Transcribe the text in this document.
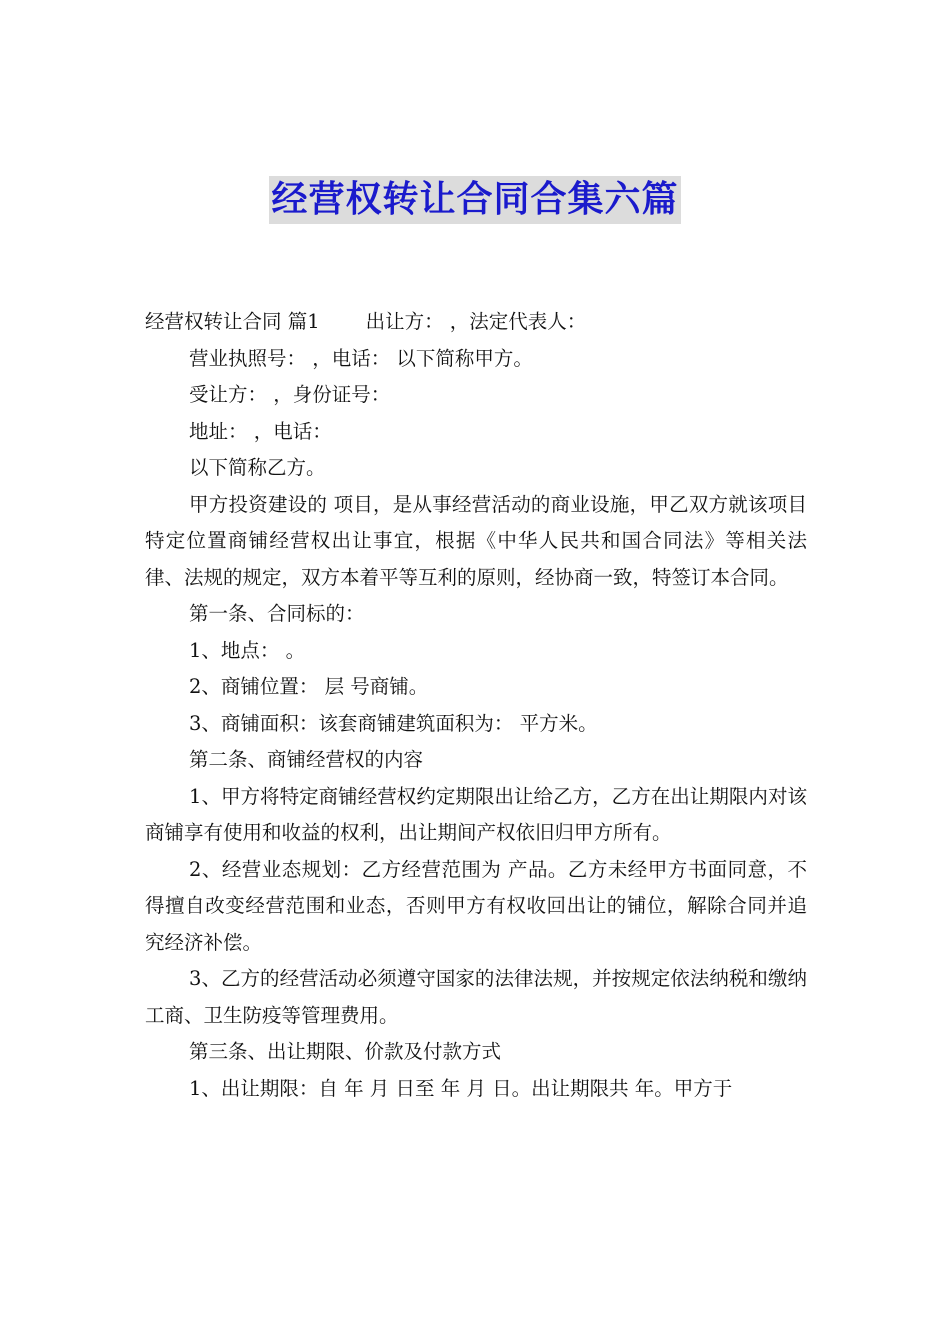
经营权转让合同合集六篇

经营权转让合同 篇1 出让方： ，法定代表人：

营业执照号： ，电话： 以下简称甲方。

受让方： ，身份证号：

地址： ，电话：

以下简称乙方。

甲方投资建设的 项目，是从事经营活动的商业设施，甲乙双方就该项目特定位置商铺经营权出让事宜，根据《中华人民共和国合同法》等相关法律、法规的规定，双方本着平等互利的原则，经协商一致，特签订本合同。

第一条、合同标的：

1、地点： 。

2、商铺位置： 层 号商铺。

3、商铺面积：该套商铺建筑面积为： 平方米。

第二条、商铺经营权的内容

1、甲方将特定商铺经营权约定期限出让给乙方，乙方在出让期限内对该商铺享有使用和收益的权利，出让期间产权依旧归甲方所有。

2、经营业态规划：乙方经营范围为 产品。乙方未经甲方书面同意，不得擅自改变经营范围和业态，否则甲方有权收回出让的铺位，解除合同并追究经济补偿。

3、乙方的经营活动必须遵守国家的法律法规，并按规定依法纳税和缴纳工商、卫生防疫等管理费用。

第三条、出让期限、价款及付款方式

1、出让期限：自 年 月 日至 年 月 日。出让期限共 年。甲方于
